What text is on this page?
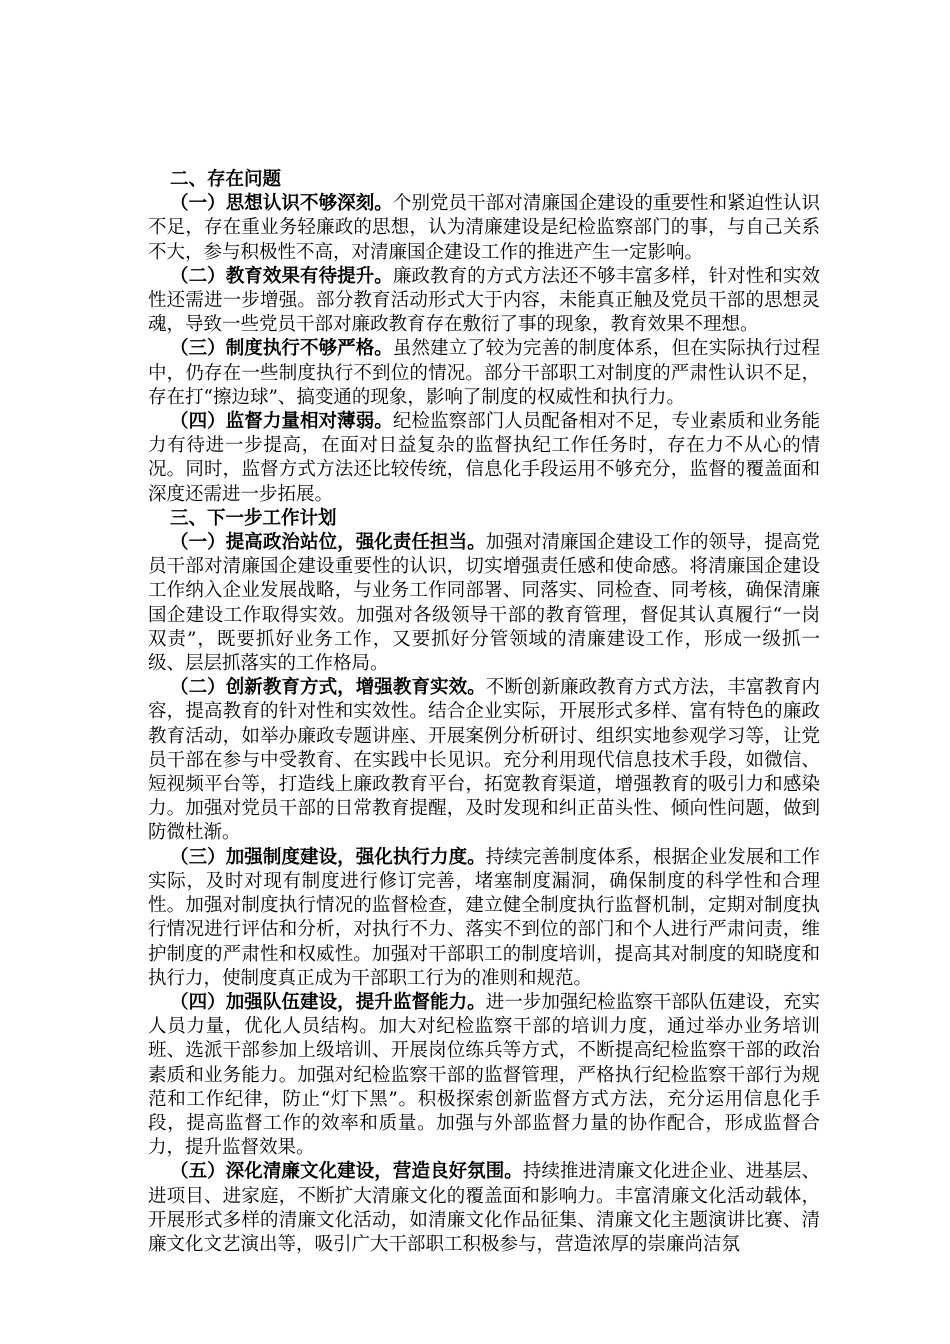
二、存在问题

（一）思想认识不够深刻。个别党员干部对清廉国企建设的重要性和紧迫性认识不足，存在重业务轻廉政的思想，认为清廉建设是纪检监察部门的事，与自己关系不大，参与积极性不高，对清廉国企建设工作的推进产生一定影响。

（二）教育效果有待提升。廉政教育的方式方法还不够丰富多样，针对性和实效性还需进一步增强。部分教育活动形式大于内容，未能真正触及党员干部的思想灵魂，导致一些党员干部对廉政教育存在敷衍了事的现象，教育效果不理想。

（三）制度执行不够严格。虽然建立了较为完善的制度体系，但在实际执行过程中，仍存在一些制度执行不到位的情况。部分干部职工对制度的严肃性认识不足，存在打“擦边球”、搞变通的现象，影响了制度的权威性和执行力。

（四）监督力量相对薄弱。纪检监察部门人员配备相对不足，专业素质和业务能力有待进一步提高，在面对日益复杂的监督执纪工作任务时，存在力不从心的情况。同时，监督方式方法还比较传统，信息化手段运用不够充分，监督的覆盖面和深度还需进一步拓展。

三、下一步工作计划

（一）提高政治站位，强化责任担当。加强对清廉国企建设工作的领导，提高党员干部对清廉国企建设重要性的认识，切实增强责任感和使命感。将清廉国企建设工作纳入企业发展战略，与业务工作同部署、同落实、同检查、同考核，确保清廉国企建设工作取得实效。加强对各级领导干部的教育管理，督促其认真履行“一岗双责”，既要抓好业务工作，又要抓好分管领域的清廉建设工作，形成一级抓一级、层层抓落实的工作格局。

（二）创新教育方式，增强教育实效。不断创新廉政教育方式方法，丰富教育内容，提高教育的针对性和实效性。结合企业实际，开展形式多样、富有特色的廉政教育活动，如举办廉政专题讲座、开展案例分析研讨、组织实地参观学习等，让党员干部在参与中受教育、在实践中长见识。充分利用现代信息技术手段，如微信、短视频平台等，打造线上廉政教育平台，拓宽教育渠道，增强教育的吸引力和感染力。加强对党员干部的日常教育提醒，及时发现和纠正苗头性、倾向性问题，做到防微杜渐。

（三）加强制度建设，强化执行力度。持续完善制度体系，根据企业发展和工作实际，及时对现有制度进行修订完善，堵塞制度漏洞，确保制度的科学性和合理性。加强对制度执行情况的监督检查，建立健全制度执行监督机制，定期对制度执行情况进行评估和分析，对执行不力、落实不到位的部门和个人进行严肃问责，维护制度的严肃性和权威性。加强对干部职工的制度培训，提高其对制度的知晓度和执行力，使制度真正成为干部职工行为的准则和规范。

（四）加强队伍建设，提升监督能力。进一步加强纪检监察干部队伍建设，充实人员力量，优化人员结构。加大对纪检监察干部的培训力度，通过举办业务培训班、选派干部参加上级培训、开展岗位练兵等方式，不断提高纪检监察干部的政治素质和业务能力。加强对纪检监察干部的监督管理，严格执行纪检监察干部行为规范和工作纪律，防止“灯下黑”。积极探索创新监督方式方法，充分运用信息化手段，提高监督工作的效率和质量。加强与外部监督力量的协作配合，形成监督合力，提升监督效果。

（五）深化清廉文化建设，营造良好氛围。持续推进清廉文化进企业、进基层、进项目、进家庭，不断扩大清廉文化的覆盖面和影响力。丰富清廉文化活动载体，开展形式多样的清廉文化活动，如清廉文化作品征集、清廉文化主题演讲比赛、清廉文化文艺演出等，吸引广大干部职工积极参与，营造浓厚的崇廉尚洁氛
